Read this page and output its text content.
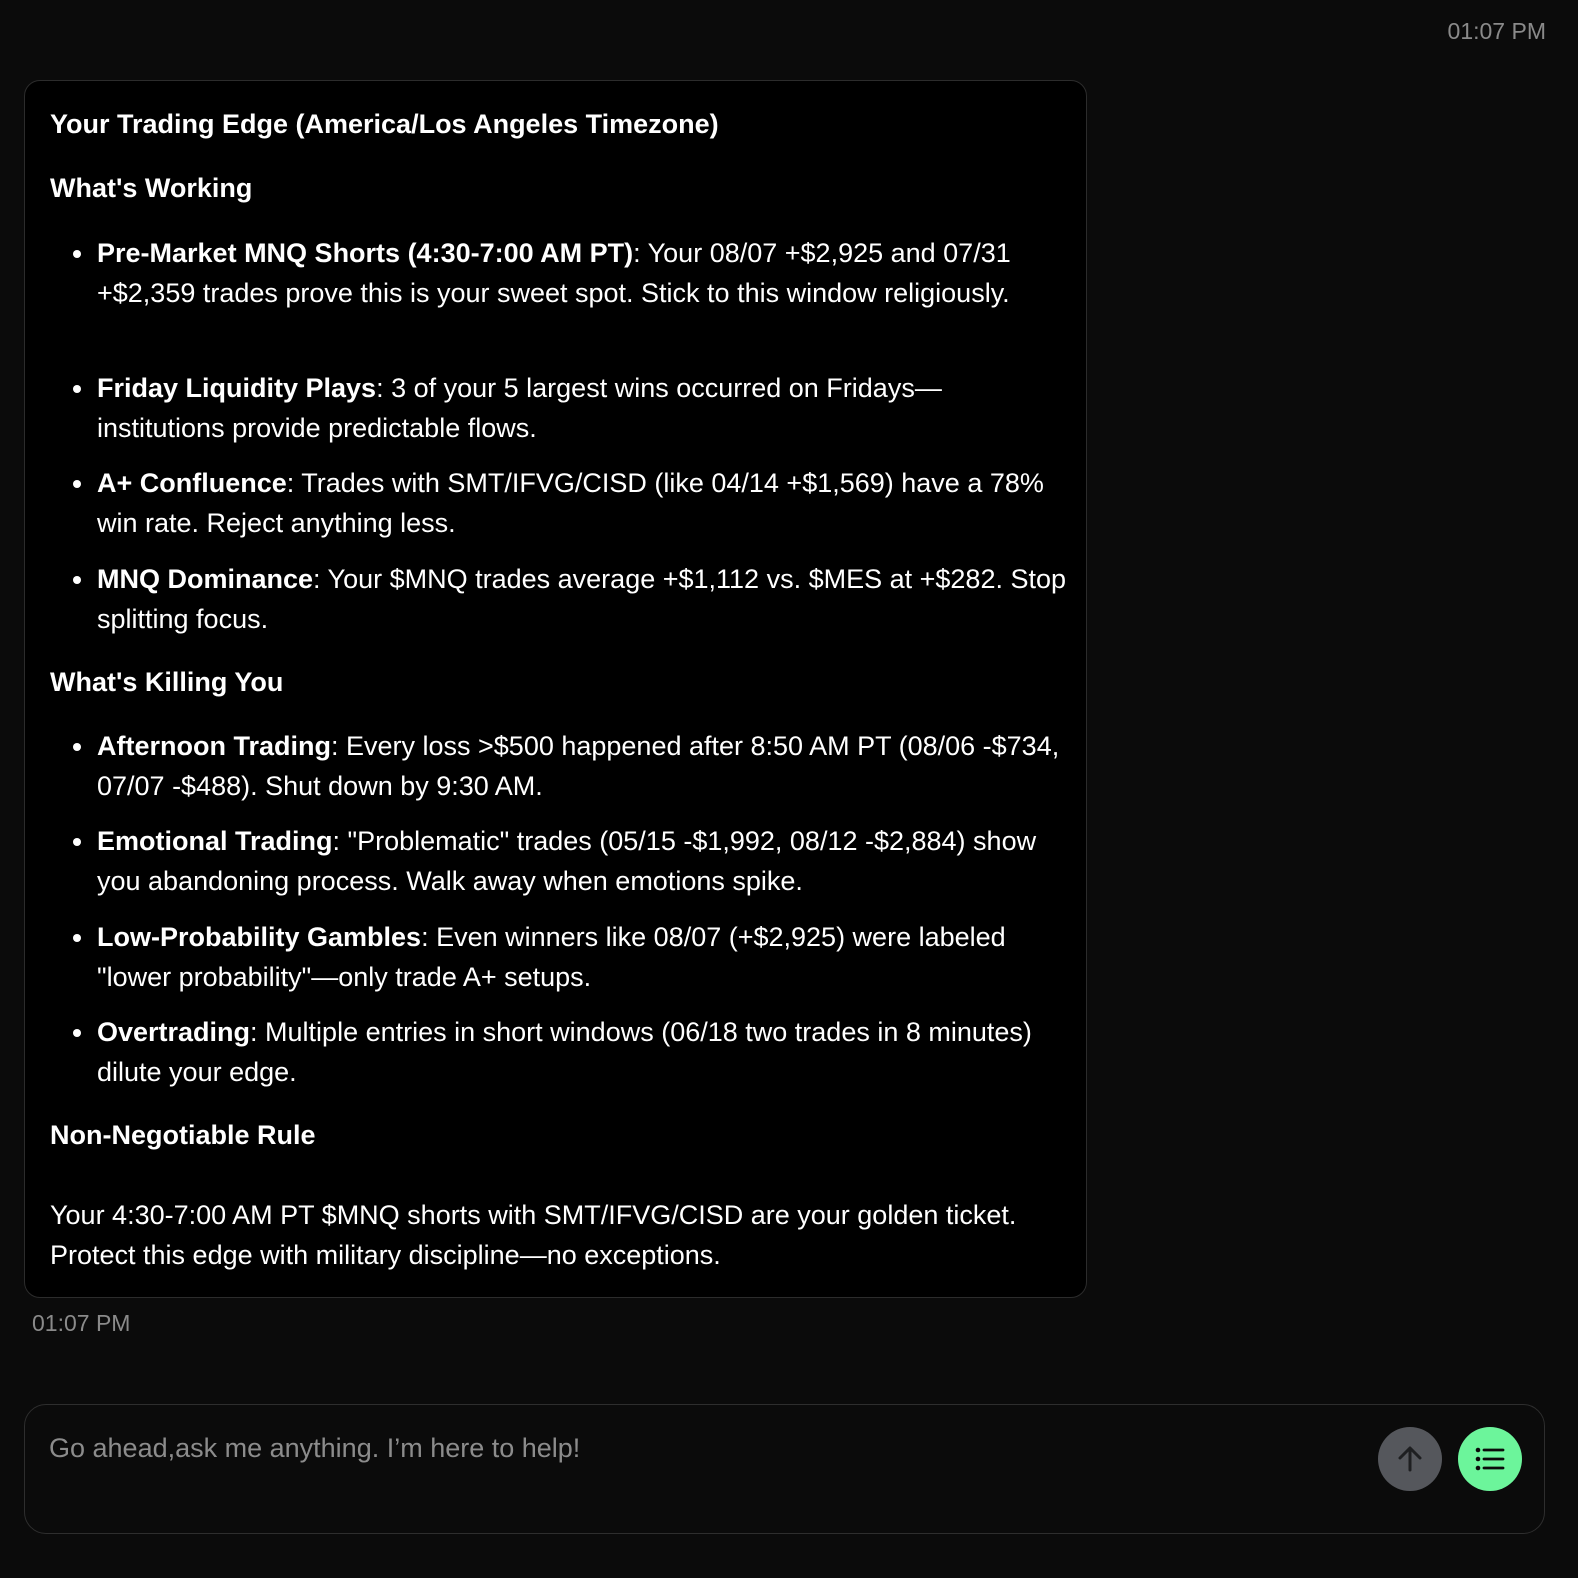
01:07 PM
Your Trading Edge (America/Los Angeles Timezone)
What's Working
Pre-Market MNQ Shorts (4:30-7:00 AM PT): Your 08/07 +$2,925 and 07/31 +$2,359 trades prove this is your sweet spot. Stick to this window religiously.
Friday Liquidity Plays: 3 of your 5 largest wins occurred on Fridays—institutions provide predictable flows.
A+ Confluence: Trades with SMT/IFVG/CISD (like 04/14 +$1,569) have a 78% win rate. Reject anything less.
MNQ Dominance: Your $MNQ trades average +$1,112 vs. $MES at +$282. Stop splitting focus.
What's Killing You
Afternoon Trading: Every loss >$500 happened after 8:50 AM PT (08/06 -$734, 07/07 -$488). Shut down by 9:30 AM.
Emotional Trading: "Problematic" trades (05/15 -$1,992, 08/12 -$2,884) show you abandoning process. Walk away when emotions spike.
Low-Probability Gambles: Even winners like 08/07 (+$2,925) were labeled "lower probability"—only trade A+ setups.
Overtrading: Multiple entries in short windows (06/18 two trades in 8 minutes) dilute your edge.
Non-Negotiable Rule
Your 4:30-7:00 AM PT $MNQ shorts with SMT/IFVG/CISD are your golden ticket. Protect this edge with military discipline—no exceptions.
01:07 PM
Go ahead,ask me anything. I’m here to help!
